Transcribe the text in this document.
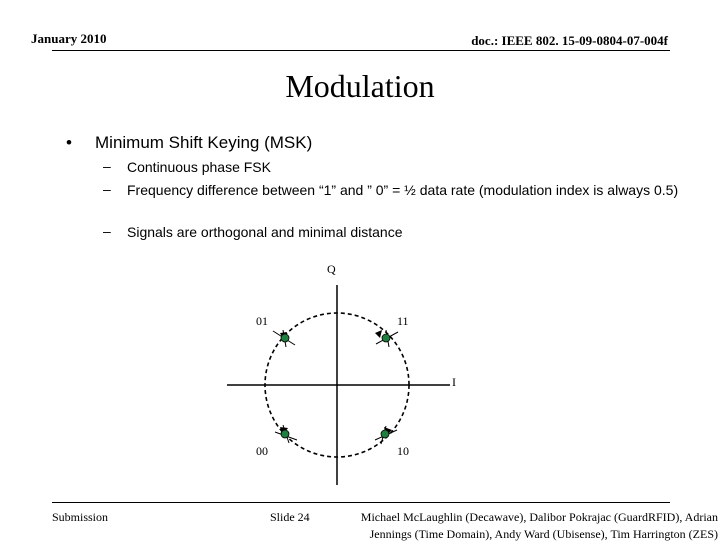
January 2010	doc.: IEEE 802. 15-09-0804-07-004f
Modulation
• Minimum Shift Keying (MSK)
– Continuous phase FSK
– Frequency difference between “1” and ” 0” = ½ data rate (modulation index is always 0.5)
– Signals are orthogonal and minimal distance
Q
I
01	11
00	10
Submission	Slide 24	Michael McLaughlin (Decawave), Dalibor Pokrajac (GuardRFID), Adrian
Jennings (Time Domain), Andy Ward (Ubisense), Tim Harrington (ZES)
